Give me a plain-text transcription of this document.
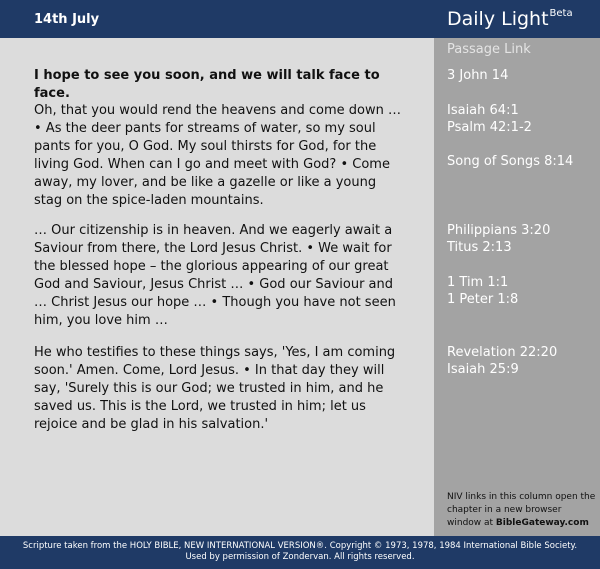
14th July	Daily Light$^{Beta}$
I hope to see you soon, and we will talk face to face.
Oh, that you would rend the heavens and come down … • As the deer pants for streams of water, so my soul pants for you, O God. My soul thirsts for God, for the living God. When can I go and meet with God? • Come away, my lover, and be like a gazelle or like a young stag on the spice-laden mountains.
… Our citizenship is in heaven. And we eagerly await a Saviour from there, the Lord Jesus Christ. • We wait for the blessed hope – the glorious appearing of our great God and Saviour, Jesus Christ … • God our Saviour and … Christ Jesus our hope … • Though you have not seen him, you love him …
He who testifies to these things says, 'Yes, I am coming soon.' Amen. Come, Lord Jesus. • In that day they will say, 'Surely this is our God; we trusted in him, and he saved us. This is the Lord, we trusted in him; let us rejoice and be glad in his salvation.'
Passage Link
3 John 14
Isaiah 64:1
Psalm 42:1-2
Song of Songs 8:14
Philippians 3:20
Titus 2:13
1 Tim 1:1
1 Peter 1:8
Revelation 22:20
Isaiah 25:9
NIV links in this column open the chapter in a new browser window at BibleGateway.com
Scripture taken from the HOLY BIBLE, NEW INTERNATIONAL VERSION®. Copyright © 1973, 1978, 1984 International Bible Society.
Used by permission of Zondervan. All rights reserved.
